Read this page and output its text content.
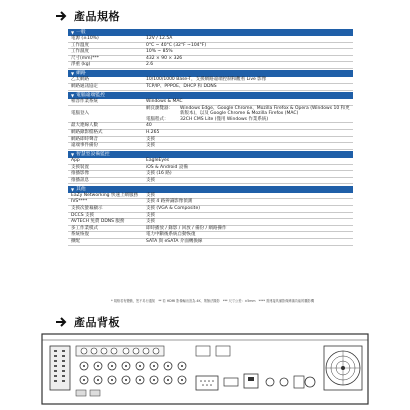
產品規格
▼ 一般
電源 (±10%)	12V / 12.5A
工作溫度	0°C ~ 40°C (32°F ~104°F)
工作濕度	10% ~ 85%
尺寸(mm)***	432 × 90 × 326
淨重 (kg)	2.6
▼ 網路
乙太網路	10/100/1000 Base-T，支援網路遠端控制和觀看 Live 影像
網路通訊協定	TCP/IP、PPPOE、DHCP 和 DDNS
▼ 電腦遠端監控
相容作業系統	Windows & MAC
電腦登入
網頁瀏覽器：	Windows Edge、Google Chrome、Mozilla Firefox & Opera (Windows 10 和更新版本)，以及 Google Chrome & Mozilla Firefox (MAC)
電腦程式：	32CH CMS Lite (僅用 Windows 作業系統)
最大連線人數	40
網路錄影檔格式	H.265
網路即時聲音	支援
遠端事件備份	支援
▼ 智慧型設備監控
App	EagleEyes
支援裝置	iOS & Android 設備
推播影像	支援 (16 路)
推播訊息	支援
▼ 其他
EaZy Networking 快速上網服務	支援
IVS****	支援 4 路辨識影像偵測
支援次螢幕顯示	支援 (VGA & Composite)
DCCS 支援	支援
AVTECH 免費 DDNS 服務	支援
多工作業模式	即時播放 / 錄影 / 回放 / 備份 / 網路操作
系統恢復	電力中斷後系統自動恢復
擴配	SATA 與 eSATA 介面轉換線
* 規格若有變動，恕不另行通知　** 若 HDMI 影像輸出設為 4K，則無法錄影　*** 尺寸公差：±5mm　**** 需連接具備影像辨識功能的攝影機
產品背板
